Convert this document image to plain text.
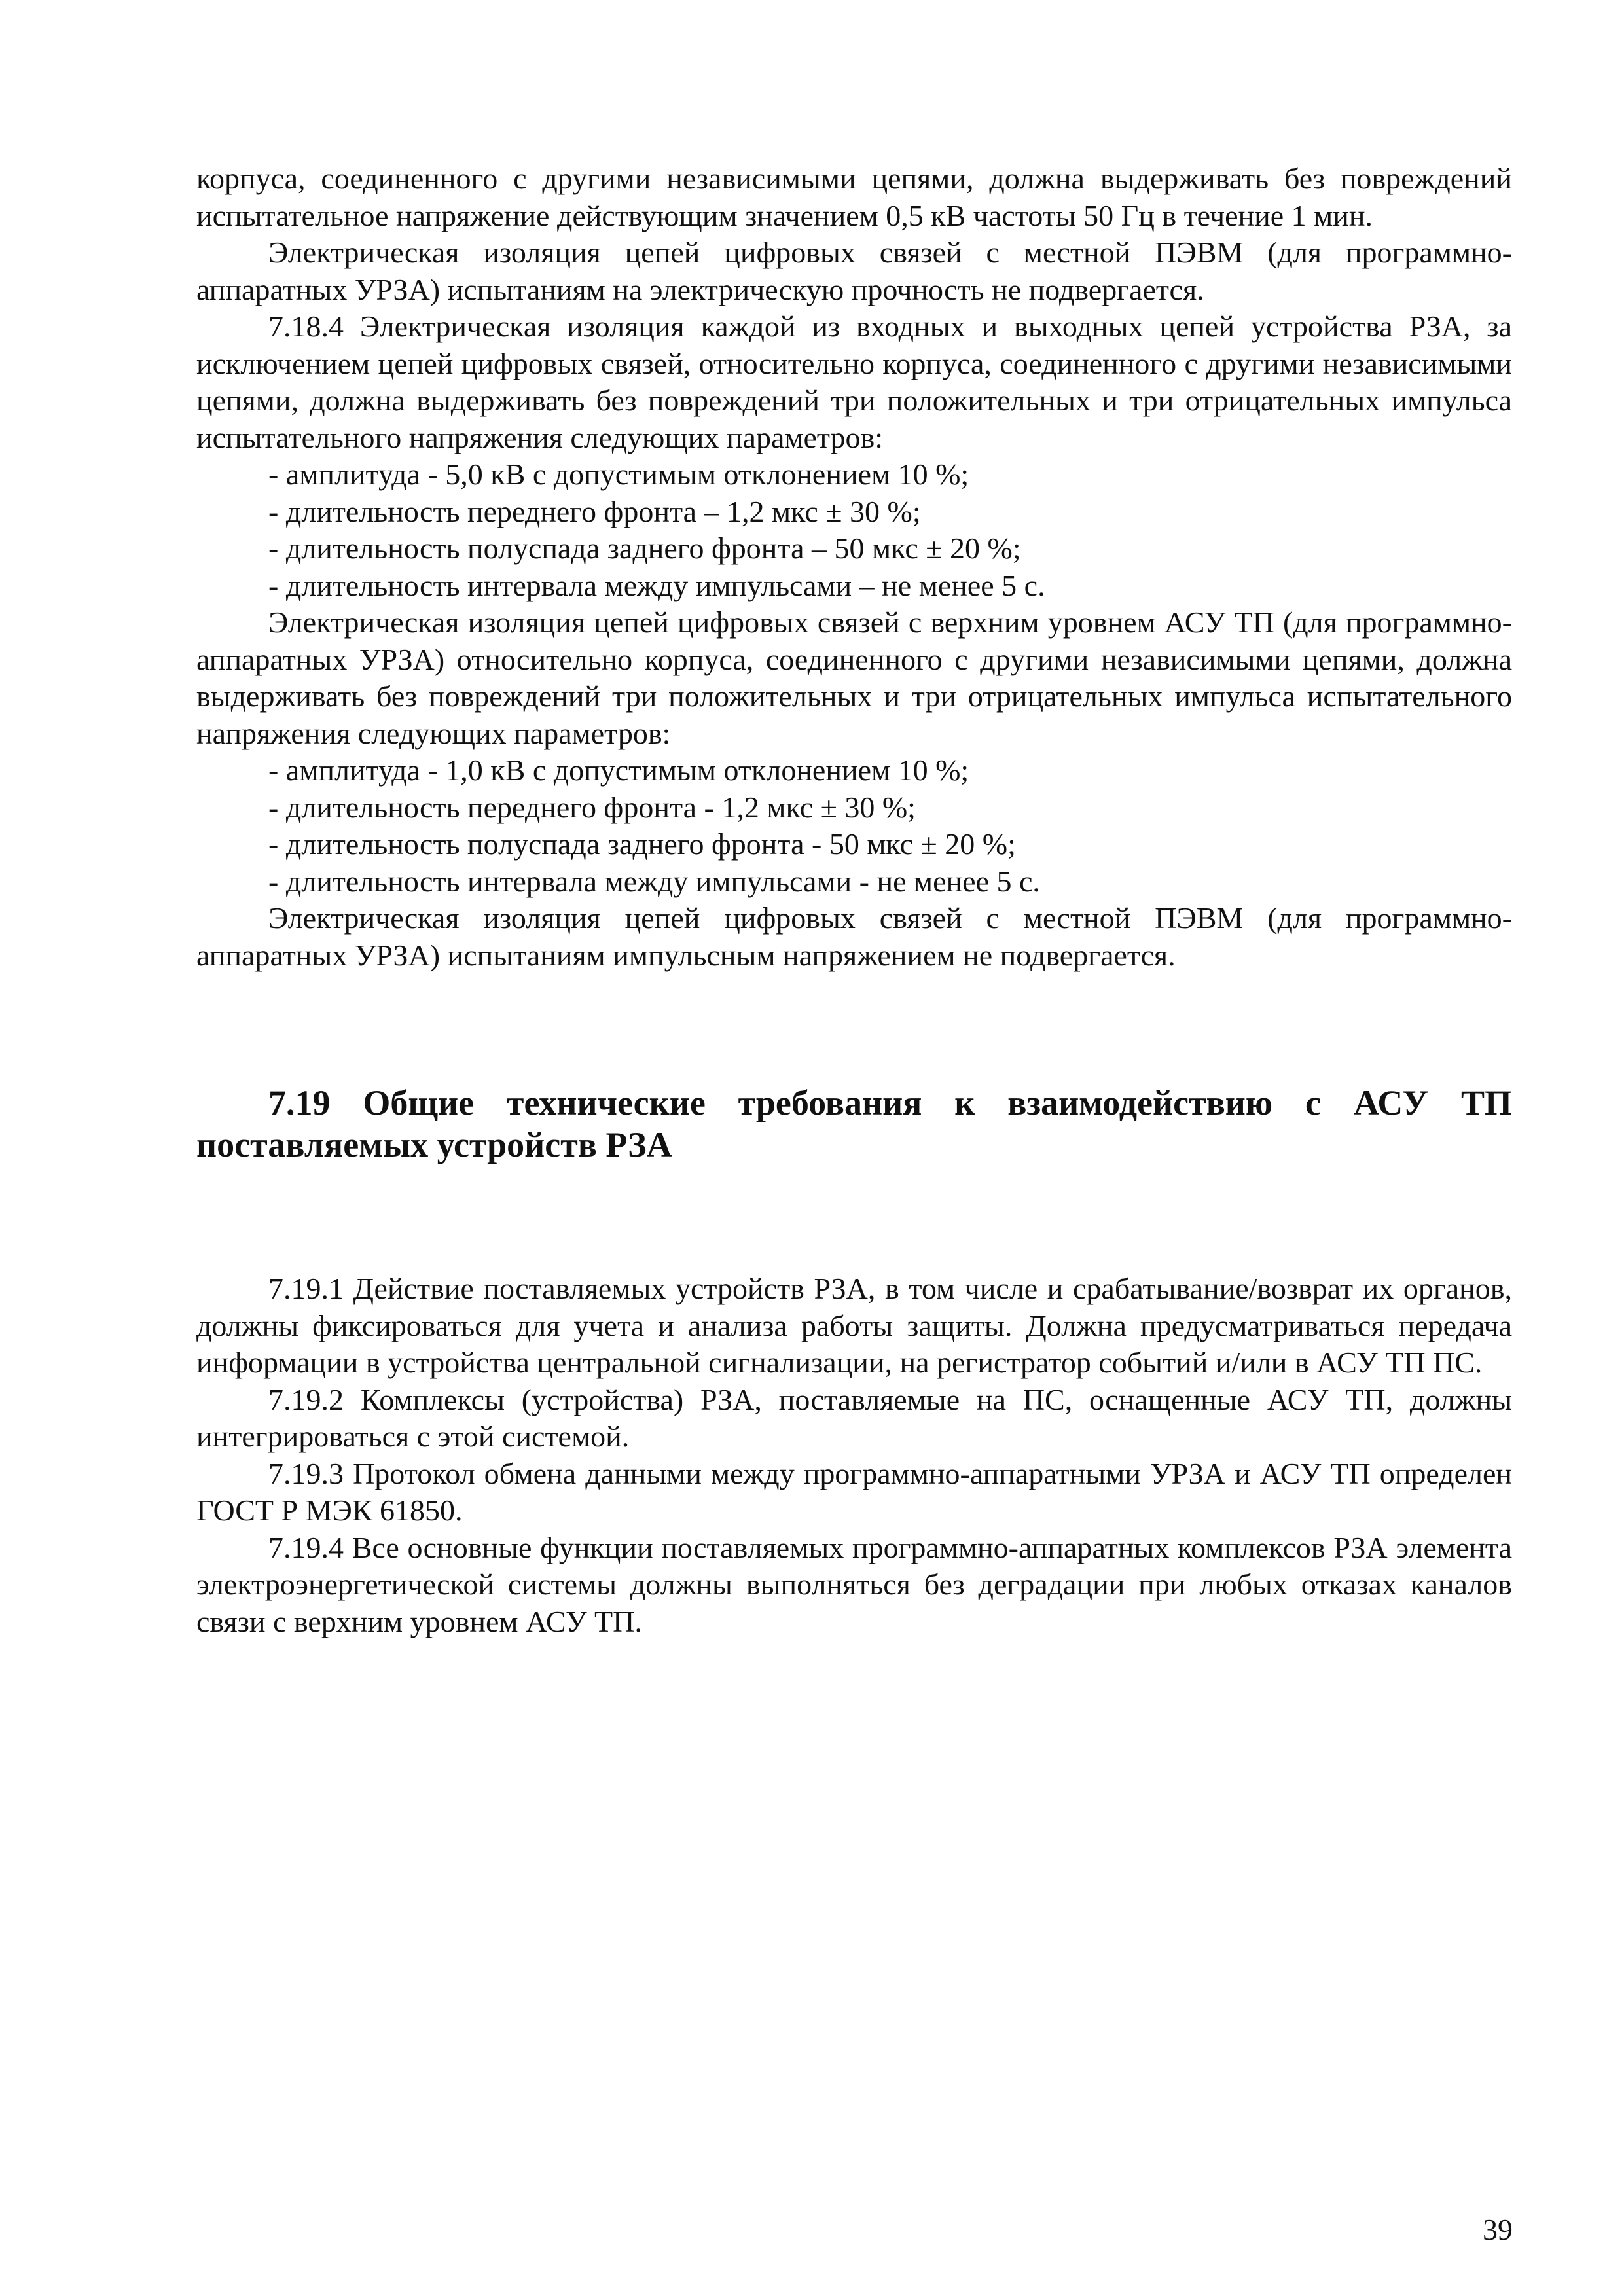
корпуса, соединенного с другими независимыми цепями, должна выдерживать без повреждений испытательное напряжение действующим значением 0,5 кВ частоты 50 Гц в течение 1 мин.

Электрическая изоляция цепей цифровых связей с местной ПЭВМ (для программно-аппаратных УРЗА) испытаниям на электрическую прочность не подвергается.

7.18.4 Электрическая изоляция каждой из входных и выходных цепей устройства РЗА, за исключением цепей цифровых связей, относительно корпуса, соединенного с другими независимыми цепями, должна выдерживать без повреждений три положительных и три отрицательных импульса испытательного напряжения следующих параметров:

- амплитуда - 5,0 кВ с допустимым отклонением 10 %;
- длительность переднего фронта – 1,2 мкс ± 30 %;
- длительность полуспада заднего фронта – 50 мкс ± 20 %;
- длительность интервала между импульсами – не менее 5 с.

Электрическая изоляция цепей цифровых связей с верхним уровнем АСУ ТП (для программно-аппаратных УРЗА) относительно корпуса, соединенного с другими независимыми цепями, должна выдерживать без повреждений три положительных и три отрицательных импульса испытательного напряжения следующих параметров:

- амплитуда - 1,0 кВ с допустимым отклонением 10 %;
- длительность переднего фронта - 1,2 мкс ± 30 %;
- длительность полуспада заднего фронта - 50 мкс ± 20 %;
- длительность интервала между импульсами - не менее 5 с.

Электрическая изоляция цепей цифровых связей с местной ПЭВМ (для программно-аппаратных УРЗА) испытаниям импульсным напряжением не подвергается.

7.19 Общие технические требования к взаимодействию с АСУ ТП поставляемых устройств РЗА

7.19.1 Действие поставляемых устройств РЗА, в том числе и срабатывание/возврат их органов, должны фиксироваться для учета и анализа работы защиты. Должна предусматриваться передача информации в устройства центральной сигнализации, на регистратор событий и/или в АСУ ТП ПС.

7.19.2 Комплексы (устройства) РЗА, поставляемые на ПС, оснащенные АСУ ТП, должны интегрироваться с этой системой.

7.19.3 Протокол обмена данными между программно-аппаратными УРЗА и АСУ ТП определен ГОСТ Р МЭК 61850.

7.19.4 Все основные функции поставляемых программно-аппаратных комплексов РЗА элемента электроэнергетической системы должны выполняться без деградации при любых отказах каналов связи с верхним уровнем АСУ ТП.

39
